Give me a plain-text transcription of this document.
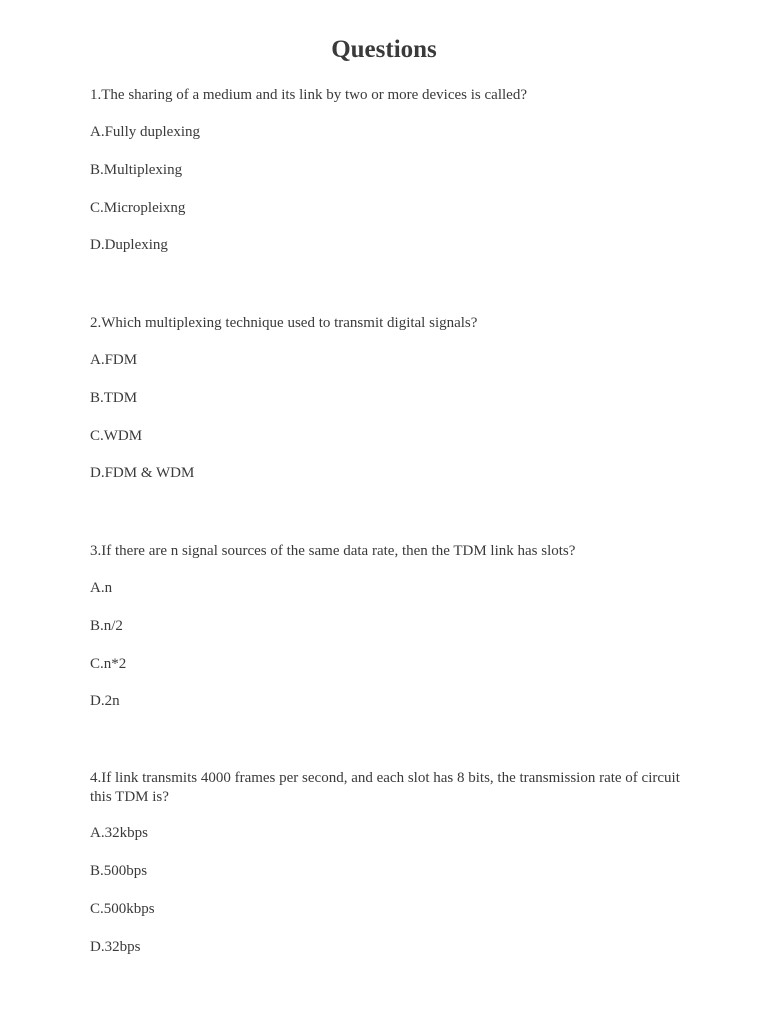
Questions

1.The sharing of a medium and its link by two or more devices is called?

A.Fully duplexing
B.Multiplexing
C.Micropleixng
D.Duplexing

2.Which multiplexing technique used to transmit digital signals?

A.FDM
B.TDM
C.WDM
D.FDM & WDM

3.If there are n signal sources of the same data rate, then the TDM link has slots?

A.n
B.n/2
C.n*2
D.2n

4.If link transmits 4000 frames per second, and each slot has 8 bits, the transmission rate of circuit this TDM is?

A.32kbps
B.500bps
C.500kbps
D.32bps
